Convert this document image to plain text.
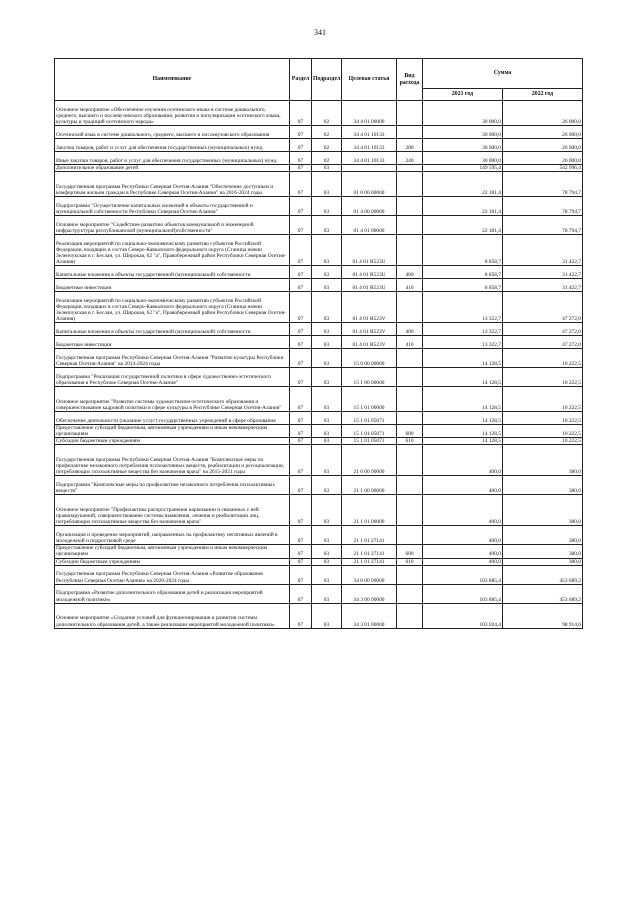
341
Наименование	Раздел	Подраздел	Целевая статья	Вид расхода	Сумма	
					2021 год	2022 год
Основное мероприятие «Обеспечение изучения осетинского языка в системе дошкольного, среднего, высшего и послевузовского образования, развития и популяризации осетинского языка, культуры и традиций осетинского народа»	07	02	34 4 01 00000		30 000,0	26 000,0
Осетинский язык в системе дошкольного, среднего, высшего и послевузовского образования	07	02	34 4 01 10133		30 000,0	26 000,0
Закупка товаров, работ и услуг для обеспечения государственных (муниципальных) нужд	07	02	34 4 01 10133	200	30 000,0	26 000,0
Иные закупки товаров, работ и услуг для обеспечения государственных (муниципальных) нужд	07	02	34 4 01 10133	240	30 000,0	26 000,0
Дополнительное образование детей	07	03			149 595,4	542 996,4
Государственная программа Республики Северная Осетия-Алания "Обеспечение доступным и комфортным жильем граждан в Республике Северная Осетия-Алания" на 2016-2024 годы	07	03	01 0 00 00000		22 181,4	78 794,7
Подпрограмма "Осуществление капитальных вложений в объекты государственной и муниципальной собственности Республики Северная Осетия-Алания"	07	03	01 4 00 00000		22 181,4	78 794,7
Основное мероприятие "Содействие развитию объектов коммунальной и инженерной инфраструктуры республиканской (муниципальной)собственности"	07	03	01 4 01 00000		22 181,4	78 794,7
Реализация мероприятий по социально-экономическому развитию субъектов Российской Федерации, входящих в состав Северо-Кавказского федерального округа (Станица имени Зеленчукская в г. Беслан, ул. Широкая, 62 "а", Правобережный район Республики Северная Осетия-Алания)	07	03	01 4 01 R523U		8 858,7	31 422,7
Капитальные вложения в объекты государственной (муниципальной) собственности	07	03	01 4 01 R523U	400	8 858,7	31 422,7
Бюджетные инвестиции	07	03	01 4 01 R523U	410	8 858,7	31 422,7
Реализация мероприятий по социально-экономическому развитию субъектов Российской Федерации, входящих в состав Северо-Кавказского федерального округа (Станица имени Зеленчукская в г. Беслан, ул. Широкая, 62 "а", Правобережный район Республики Северная Осетия-Алания)	07	03	01 4 01 R523V		13 322,7	47 272,0
Капитальные вложения в объекты государственной (муниципальной) собственности	07	03	01 4 01 R523V	400	13 322,7	47 272,0
Бюджетные инвестиции	07	03	01 4 01 R523V	410	13 322,7	47 272,0
Государственная программа Республики Северная Осетия-Алания "Развитие культуры Республики Северная Осетия-Алания" на 2014-2024 годы	07	03	15 0 00 00000		14 128,5	10 222,5
Подпрограмма "Реализация государственной политики в сфере художественно-эстетического образования в Республике Северная Осетия-Алания"	07	03	15 1 00 00000		14 128,5	10 222,5
Основное мероприятие "Развитие системы художественно-эстетического образования и совершенствование кадровой политики в сфере культуры в Республике Северная Осетия-Алания"	07	03	15 1 01 00000		14 128,5	10 222,5
Обеспечение деятельности (оказание услуг) государственных учреждений в сфере образования	07	03	15 1 01 05071		14 128,5	10 222,5
Предоставление субсидий бюджетным, автономным учреждениям и иным некоммерческим организациям	07	03	15 1 01 05071	600	14 128,5	10 222,5
Субсидии бюджетным учреждениям	07	03	15 1 01 05071	610	14 128,5	10 222,5
Государственная программа Республики Северная Осетия-Алания "Комплексные меры по профилактике незаконного потребления психоактивных веществ, реабилитации и ресоциализации, потребляющих психоактивные вещества без назначения врача" на 2015-2021 годы	07	03	21 0 00 00000		400,0	380,0
Подпрограмма "Комплексные меры по профилактике незаконного потребления психоактивных веществ"	07	03	21 1 00 00000		400,0	380,0
Основное мероприятие "Профилактика распространения наркомании и связанных с ней правонарушений, совершенствование системы выявления, лечения и реабилитации лиц, потребляющих психоактивные вещества без назначения врача"	07	03	21 1 01 00000		400,0	380,0
Организация и проведение мероприятий, направленных на профилактику негативных явлений в молодежной и подростковой среде	07	03	21 1 01 27141		400,0	380,0
Предоставление субсидий бюджетным, автономным учреждениям и иным некоммерческим организациям	07	03	21 1 01 27141	600	400,0	380,0
Субсидии бюджетным учреждениям	07	03	21 1 01 27141	610	400,0	380,0
Государственная программа Республики Северная Осетия-Алания «Развитие образования Республики Северная Осетия-Алания» на 2020-2024 годы	07	03	34 0 00 00000		103 885,4	453 689,2
Подпрограмма «Развитие дополнительного образования детей и реализация мероприятий молодежной политики»	07	03	34 3 00 00000		103 885,4	453 689,2
Основное мероприятие «Создание условий для функционирования и развития системы дополнительного образования детей, а также реализации мероприятий молодежной политики»	07	03	34 3 01 00000		103 024,4	98 914,6
